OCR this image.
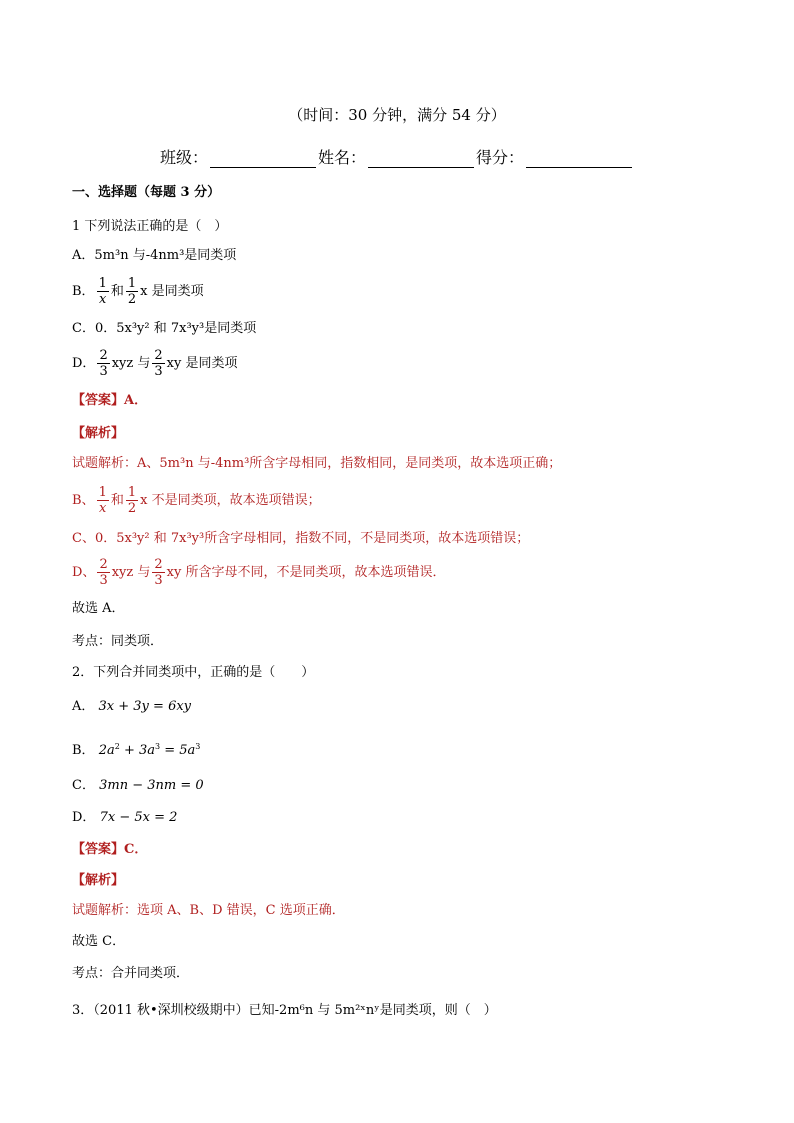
（时间：30 分钟，满分 54 分）
班级：	姓名：	得分：
一、选择题（每题 3 分）
1 下列说法正确的是（　）
A．5m³n 与-4nm³是同类项
B． $\frac{1}{x}$ 和 $\frac{1}{2}$ x 是同类项
C．0．5x³y² 和 7x³y³是同类项
D． $\frac{2}{3}$ xyz 与 $\frac{2}{3}$ xy 是同类项
【答案】A．
【解析】
试题解析：A、5m³n 与-4nm³所含字母相同，指数相同，是同类项，故本选项正确；
B、 $\frac{1}{x}$ 和 $\frac{1}{2}$ x 不是同类项，故本选项错误；
C、0．5x³y² 和 7x³y³所含字母相同，指数不同，不是同类项，故本选项错误；
D、 $\frac{2}{3}$ xyz 与 $\frac{2}{3}$ xy 所含字母不同，不是同类项，故本选项错误．
故选 A．
考点：同类项．
2．下列合并同类项中，正确的是（　　）
A． 3x + 3y = 6xy
B． $2a^2 + 3a^3 = 5a^3$
C． 3mn − 3nm = 0
D． 7x − 5x = 2
【答案】C．
【解析】
试题解析：选项 A、B、D 错误，C 选项正确．
故选 C．
考点：合并同类项．
3．（2011 秋•深圳校级期中）已知-2m⁶n 与 5m²ˣnʸ是同类项，则（　）
